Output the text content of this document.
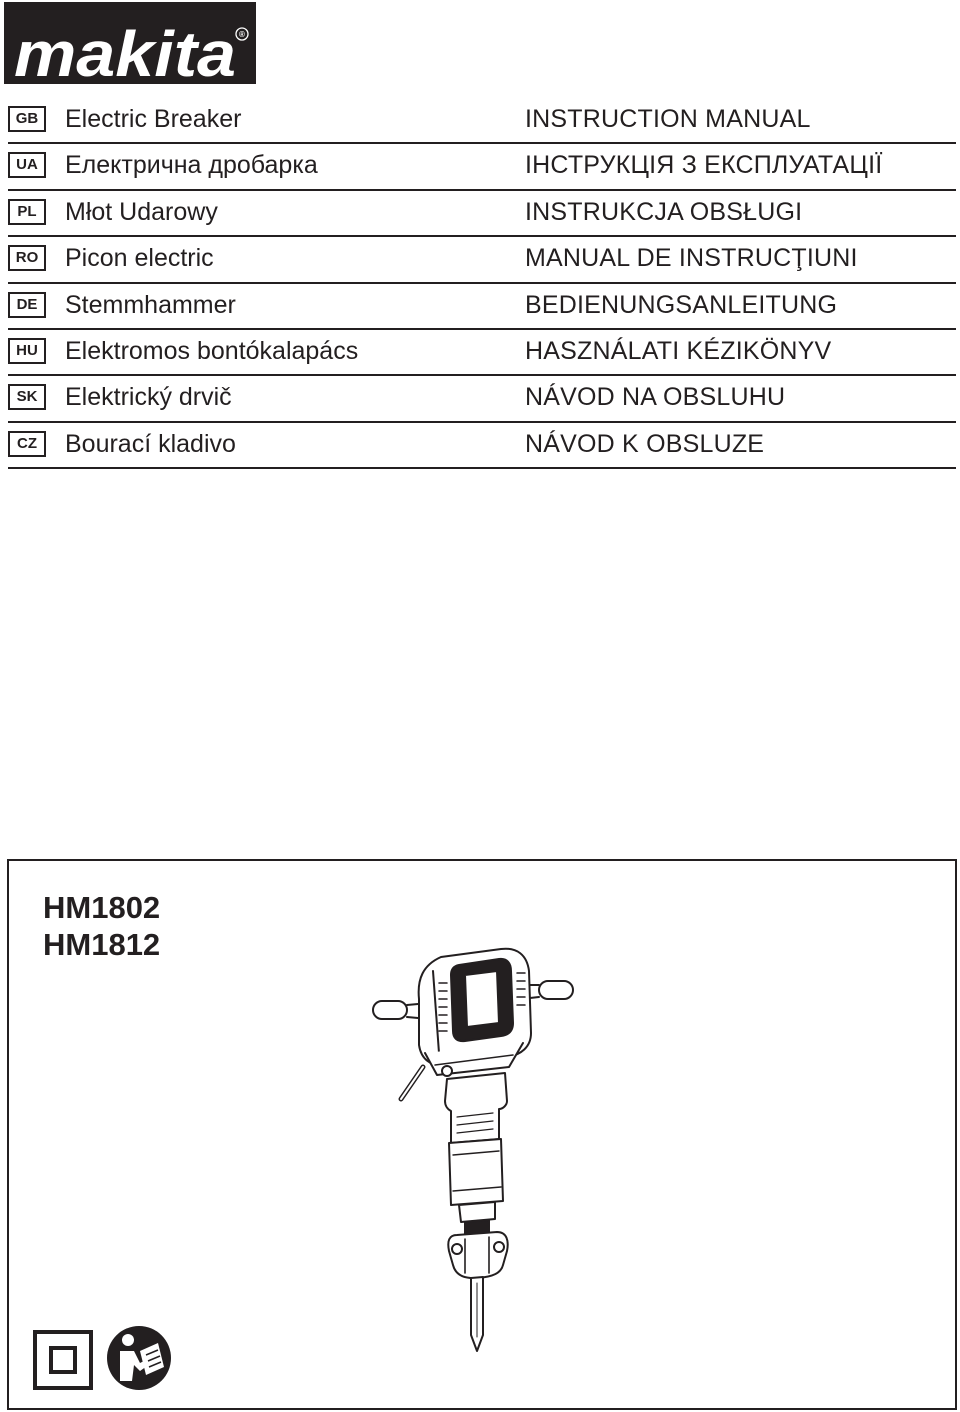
makita ®
GB	Electric Breaker	INSTRUCTION MANUAL
UA	Електрична дробарка	ІНСТРУКЦІЯ З ЕКСПЛУАТАЦІЇ
PL	Młot Udarowy	INSTRUKCJA OBSŁUGI
RO	Picon electric	MANUAL DE INSTRUCŢIUNI
DE	Stemmhammer	BEDIENUNGSANLEITUNG
HU	Elektromos bontókalapács	HASZNÁLATI KÉZIKÖNYV
SK	Elektrický drvič	NÁVOD NA OBSLUHU
CZ	Bourací kladivo	NÁVOD K OBSLUZE
HM1802
HM1812
